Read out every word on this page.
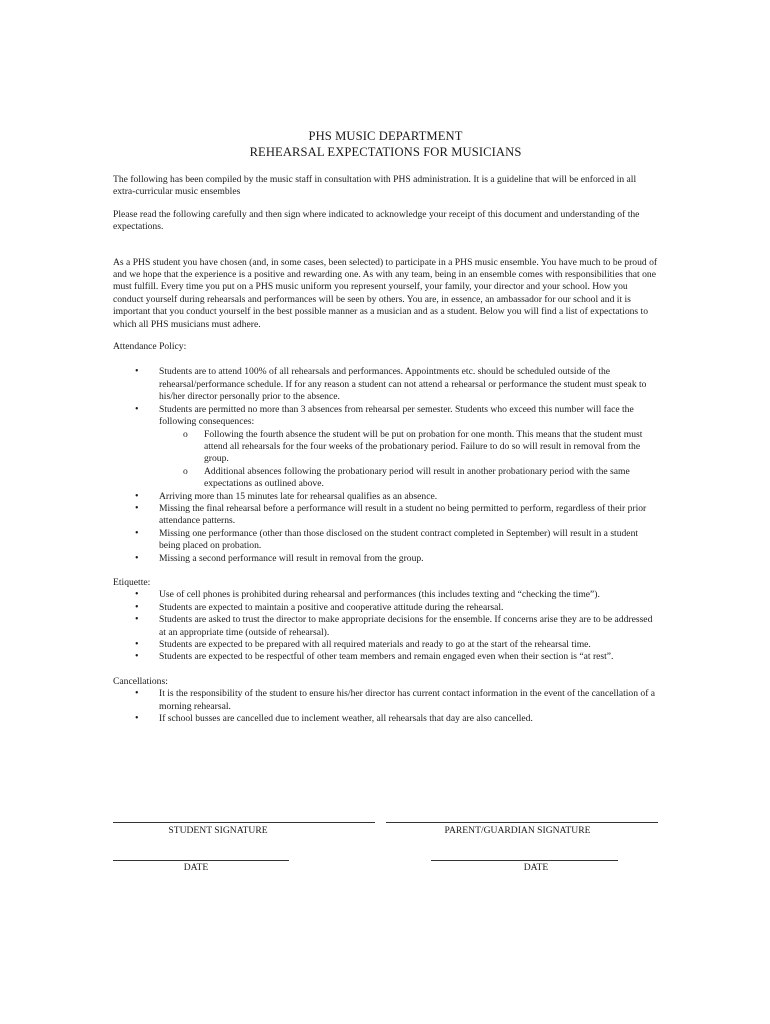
PHS MUSIC DEPARTMENT
REHEARSAL EXPECTATIONS FOR MUSICIANS

The following has been compiled by the music staff in consultation with PHS administration. It is a guideline that will be enforced in all extra-curricular music ensembles

Please read the following carefully and then sign where indicated to acknowledge your receipt of this document and understanding of the expectations.

As a PHS student you have chosen (and, in some cases, been selected) to participate in a PHS music ensemble. You have much to be proud of and we hope that the experience is a positive and rewarding one. As with any team, being in an ensemble comes with responsibilities that one must fulfill. Every time you put on a PHS music uniform you represent yourself, your family, your director and your school. How you conduct yourself during rehearsals and performances will be seen by others. You are, in essence, an ambassador for our school and it is important that you conduct yourself in the best possible manner as a musician and as a student. Below you will find a list of expectations to which all PHS musicians must adhere.

Attendance Policy:

• Students are to attend 100% of all rehearsals and performances. Appointments etc. should be scheduled outside of the rehearsal/performance schedule. If for any reason a student can not attend a rehearsal or performance the student must speak to his/her director personally prior to the absence.
• Students are permitted no more than 3 absences from rehearsal per semester. Students who exceed this number will face the following consequences:
o Following the fourth absence the student will be put on probation for one month. This means that the student must attend all rehearsals for the four weeks of the probationary period. Failure to do so will result in removal from the group.
o Additional absences following the probationary period will result in another probationary period with the same expectations as outlined above.
• Arriving more than 15 minutes late for rehearsal qualifies as an absence.
• Missing the final rehearsal before a performance will result in a student no being permitted to perform, regardless of their prior attendance patterns.
• Missing one performance (other than those disclosed on the student contract completed in September) will result in a student being placed on probation.
• Missing a second performance will result in removal from the group.

Etiquette:

• Use of cell phones is prohibited during rehearsal and performances (this includes texting and “checking the time”).
• Students are expected to maintain a positive and cooperative attitude during the rehearsal.
• Students are asked to trust the director to make appropriate decisions for the ensemble. If concerns arise they are to be addressed at an appropriate time (outside of rehearsal).
• Students are expected to be prepared with all required materials and ready to go at the start of the rehearsal time.
• Students are expected to be respectful of other team members and remain engaged even when their section is “at rest”.

Cancellations:

• It is the responsibility of the student to ensure his/her director has current contact information in the event of the cancellation of a morning rehearsal.
• If school busses are cancelled due to inclement weather, all rehearsals that day are also cancelled.
STUDENT SIGNATURE	PARENT/GUARDIAN SIGNATURE
DATE	DATE
